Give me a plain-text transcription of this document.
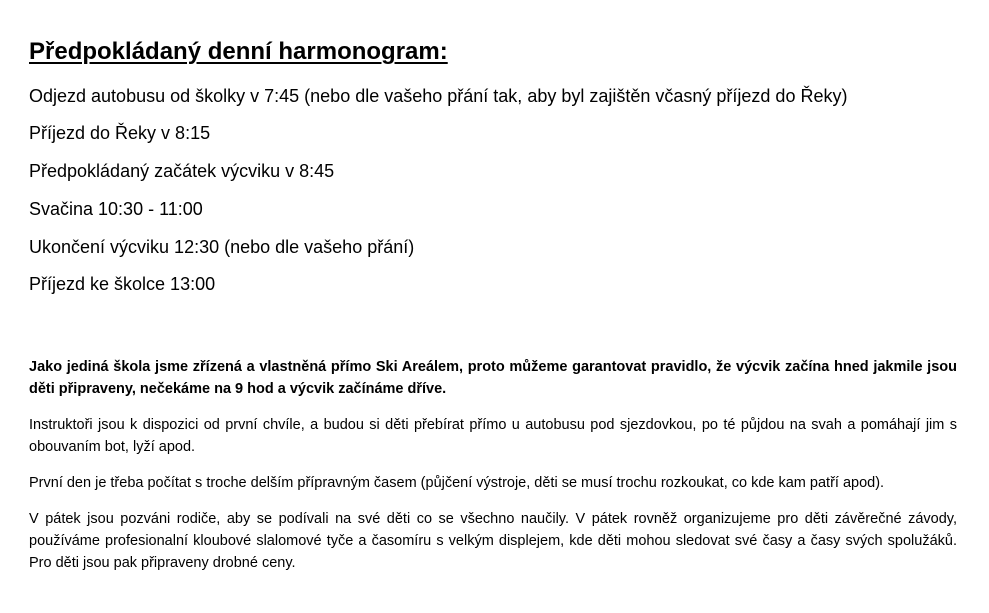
Předpokládaný denní harmonogram:

Odjezd autobusu od školky v 7:45 (nebo dle vašeho přání tak, aby byl zajištěn včasný příjezd do Řeky)

Příjezd do Řeky v 8:15

Předpokládaný začátek výcviku v 8:45

Svačina 10:30 - 11:00

Ukončení výcviku 12:30 (nebo dle vašeho přání)

Příjezd ke školce 13:00

Jako jediná škola jsme zřízená a vlastněná přímo Ski Areálem, proto můžeme garantovat pravidlo, že výcvik začína hned jakmile jsou děti připraveny, nečekáme na 9 hod a výcvik začínáme dříve.

Instruktoři jsou k dispozici od první chvíle, a budou si děti přebírat přímo u autobusu pod sjezdovkou, po té půjdou na svah a pomáhají jim s obouvaním bot, lyží apod.

První den je třeba počítat s troche delším přípravným časem (půjčení výstroje, děti se musí trochu rozkoukat, co kde kam patří apod).

V pátek jsou pozváni rodiče, aby se podívali na své děti co se všechno naučily. V pátek rovněž organizujeme pro děti závěrečné závody, používáme profesionalní kloubové slalomové tyče a časomíru s velkým displejem, kde děti mohou sledovat své časy a časy svých spolužáků. Pro děti jsou pak připraveny drobné ceny.
